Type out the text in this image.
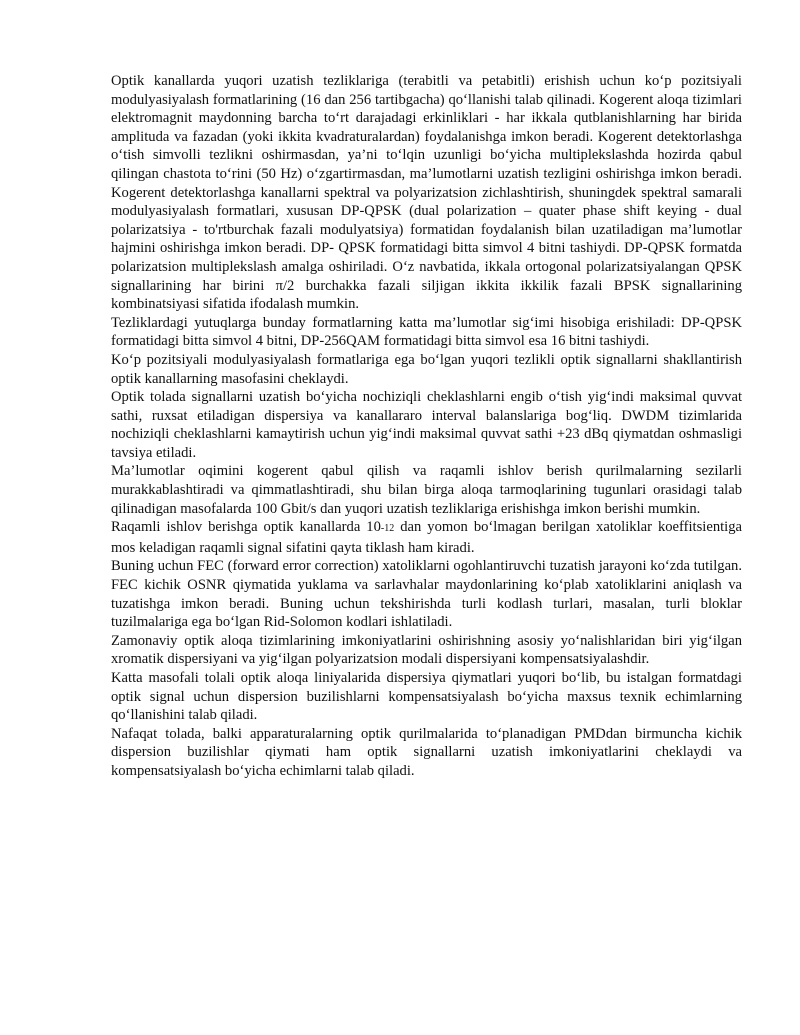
Optik kanallarda yuqori uzatish tezliklariga (terabitli va petabitli) erishish uchun ko‘p pozitsiyali modulyasiyalash formatlarining (16 dan 256 tartibgacha) qo‘llanishi talab qilinadi. Kogerent aloqa tizimlari elektromagnit maydonning barcha to‘rt darajadagi erkinliklari - har ikkala qutblanishlarning har birida amplituda va fazadan (yoki ikkita kvadraturalardan) foydalanishga imkon beradi. Kogerent detektorlashga o‘tish simvolli tezlikni oshirmasdan, ya’ni to‘lqin uzunligi bo‘yicha multiplekslashda hozirda qabul qilingan chastota to‘rini (50 Hz) o‘zgartirmasdan, ma’lumotlarni uzatish tezligini oshirishga imkon beradi. Kogerent detektorlashga kanallarni spektral va polyarizatsion zichlashtirish, shuningdek spektral samarali modulyasiyalash formatlari, xususan DP-QPSK (dual polarization – quater phase shift keying - dual polarizatsiya - to'rtburchak fazali modulyatsiya) formatidan foydalanish bilan uzatiladigan ma’lumotlar hajmini oshirishga imkon beradi. DP- QPSK formatidagi bitta simvol 4 bitni tashiydi. DP-QPSK formatda polarizatsion multipleksla﻿sh amalga oshiriladi. O‘z navbatida, ikkala ortogonal polarizatsiyalangan QPSK signallarining har birini π/2 burchakka fazali siljigan ikkita ikkilik fazali BPSK signallarining kombinatsiyasi sifatida ifodalash mumkin.

Tezliklardagi yutuqlarga bunday formatlarning katta ma’lumotlar sig‘imi hisobiga erishiladi: DP-QPSK formatidagi bitta simvol 4 bitni, DP-256QAM formatidagi bitta simvol esa 16 bitni tashiydi.

Ko‘p pozitsiyali modulyasiyalash formatlariga ega bo‘lgan yuqori tezlikli optik signallarni shakllantirish optik kanallarning masofasini cheklaydi.

Optik tolada signallarni uzatish bo‘yicha nochiziqli cheklashlarni engib o‘tish yig‘indi maksimal quvvat sathi, ruxsat etiladigan dispersiya va kanallararo interval balanslariga bog‘liq. DWDM tizimlarida nochiziqli cheklashlarni kamaytirish uchun yig‘indi maksimal quvvat sathi +23 dBq qiymatdan oshmasligi tavsiya etiladi.

Ma’lumotlar oqimini kogerent qabul qilish va raqamli ishlov berish qurilmalarning sezilarli murakkablashtiradi va qimmatlashtiradi, shu bilan birga aloqa tarmoqlarining tugunlari orasidagi talab qilinadigan masofalarda 100 Gbit/s dan yuqori uzatish tezliklariga erishishga imkon berishi mumkin.

Raqamli ishlov berishga optik kanallarda 10-12 dan yomon bo‘lmagan berilgan xatoliklar koeffitsientiga mos keladigan raqamli signal sifatini qayta tiklash ham kiradi.

Buning uchun FEC (forward error correction) xatoliklarni ogohlantiruvchi tuzatish jarayoni ko‘zda tutilgan. FEC kichik OSNR qiymatida yuklama va sarlavhalar maydonlarining ko‘plab xatoliklarini aniqlash va tuzatishga imkon beradi. Buning uchun tekshirishda turli kodlash turlari, masalan, turli bloklar tuzilmalariga ega bo‘lgan Rid-Solomon kodlari ishlatiladi.

Zamonaviy optik aloqa tizimlarining imkoniyatlarini oshirishning asosiy yo‘nalishlaridan biri yig‘ilgan xromatik dispersiyani va yig‘ilgan polyarizatsion modali dispersiyani kompensatsiyalashdir.

Katta masofali tolali optik aloqa liniyalarida dispersiya qiymatlari yuqori bo‘lib, bu istalgan formatdagi optik signal uchun dispersion buzilishlarni kompensatsiyalash bo‘yicha maxsus texnik echimlarning qo‘llanishini talab qiladi.

Nafaqat tolada, balki apparaturalarning optik qurilmalarida to‘planadigan PMDdan birmuncha kichik dispersion buzilishlar qiymati ham optik signallarni uzatish imkoniyatlarini cheklaydi va kompensatsiyalash bo‘yicha echimlarni talab qiladi.
